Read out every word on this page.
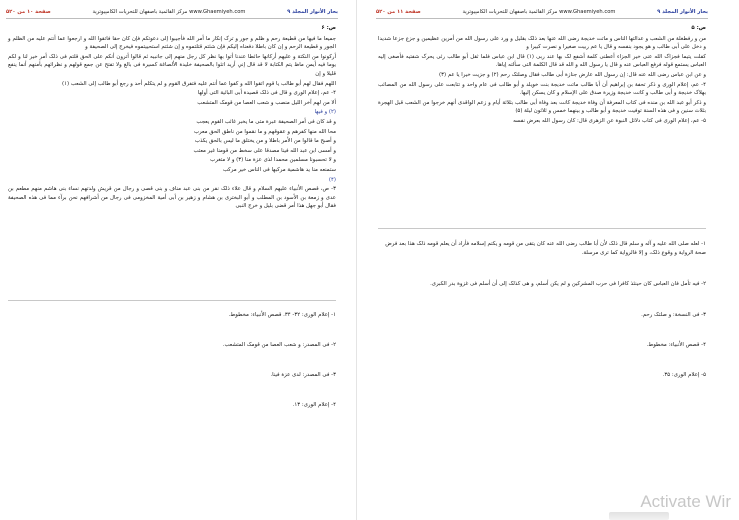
بحار الأنوار المجلد ۹
www.Ghaemiyeh.com مركز القائمية باصفهان للتحريات الكامپيوترية
صفحة ۱۰ من ۵۲۰

ص: ۶

جمیعا ما فیها من قطیعة رحم و ظلم و جور و ترک إنکار ما أمر الله فأجیبوا إلى دعوتکم فإن کان حقا فاتقوا الله و ارجعوا عما أنتم علیه من الظلم و الجور و قطیعة الرحم و إن کان باطلا دفعناه إلیکم فإن شئتم قتلتموه و إن شئتم استحییتموه فیخرج إلى الصحیفة و

أرکونوا من النکتة و علیهم أرکانها حائطا عندنا أتوا بها نظر کل رجل منهم إلى جانبیه ثم قالوا أترون أنکم على الحق قلتم فی ذلک أمر خیر لنا و لکم یوما فیه أیمن ماظ یتم الکتابة لا قد قال إني أرید اتئوا بالصحیفة خلیدة الألصاغة کسیرة فی بالغ ولا تفتح عن جمع قولهم و نظرائهم بأمنهم أنما ینفع قلیلا و إن

اللهم فقال لهم أبو طالب یا قوم اتقوا الله و کفوا عما أنتم علیه فتفرق القوم و لم یتکلم أحد و رجع أبو طالب إلى الشعب (۱)

۴- عم، إعلام الورى و قال فی ذلک قصیدة أبی البائیة التی أولها

ألا من لهم آخر اللیل منصب و شعب العصا من قومک المتشعب

(۲) و فیها

و قد کان فی أمر الصحیفة عبرة متى ما یخبر غائب القوم یعجب

محا الله منها کفرهم و عقوقهم و ما نقموا من ناطق الحق معرب

و أصبح ما قالوا من الأمر باطلا و من یختلق ما لیس بالحق یکذب

و أمسى ابن عبد الله فینا مصدقا على سخط من قومنا غیر معتب

و لا تحسبونا مسلمین محمدا لذی عزة منا (۳) و لا متغرب

ستمنعه منا ید هاشمیة مرکبها فی الناس خیر مرکب

(۴)

۳- ص، قصص الأنبیاء علیهم السلام و قال علاء ذلک نفر من بنی عبد مناف و بنی قصی و رجال من قریش ولدتهم نساء بنی هاشم منهم مطعم بن عدی و زمعة بن الأسود بن المطلب و أبو البختری بن هشام و زهیر بن أبی أمیة المخزومی فی رجال من أشرافهم نحن برآء مما فی هذه الصحیفة فقال أبو جهل هذا أمر قضی بلیل و خرج النبی

۱- إعلام الورى: ۳۲- ۳۴. قصص الأنبیاء: مخطوط.
۲- فی المصدر: و شعب العصا من قومک المتشعب.
۳- فی المصدر: لدى عزة فینا.
۴- إعلام الورى: ۱۳.
بحار الأنوار المجلد ۹
www.Ghaemiyeh.com مركز القائمية باصفهان للتحريات الكامپيوترية
صفحة ۱۱ من ۵۲۰

ص: ۵

من و رفطغلة من الشعب و عدالتها الناس و ماتت خدیجة رضی الله عنها بعد ذلک بقلیل و ورد على رسول الله من أمرین عظیمین و جزع جزعا شدیدا و دخل على أبی طالب و هو یجود بنفسه و قال یا عم ربیت صغیرا و نصرت کبیرا و

کفلت یتیما فجزاک الله عنی خیر الجزاء أعطنی کلمة أشفع لک بها عند ربی (۱) قال ابن عباس فلما ثقل أبو طالب رئی یحرک شفتیه فأصغى إلیه العباس یستمع قوله فرفع العباس عنه و قال یا رسول الله و الله قد قال الکلمة التی سألته إیاها.

و عن ابن عباس رضی الله عنه قال: إن رسول الله عارض جنازة أبی طالب فقال وصلتک رحم (۲) و جزیت خیرا یا عم (۳)

۴- عم، إعلام الورى و ذکر تحفة بن إبراهیم أن أبا طالب ماتت خدیجة بنت خویلد و أبو طالب فی عام واحد و تتابعت على رسول الله من المصائب بهلاک خدیجة و أبی طالب و کانت خدیجة وزیرة صدق على الإسلام و کان یسکن إلیها.

و ذکر أبو عبد الله بن منده فی کتاب المعرفة أن وفاة خدیجة کانت بعد وفاة أبی طالب بثلاثة أیام و زعم الواقدی أنهم خرجوا من الشعب قبل الهجرة بثلاث سنین و فی هذه السنة توفیت خدیجة و أبو طالب و بینهما خمس و ثلاثون لیلة (۵)

۵- عم، إعلام الورى فی کتاب دلائل النبوة عن الزهری قال: کان رسول الله بعرض نفسه

۱- لعله صلى الله علیه و آله و سلم قال ذلک لأن أبا طالب رضی الله عنه کان یتقی من قومه و یکتم إسلامه فأراد أن یعلم قومه ذلک هذا بعد فرض صحة الروایة و وقوع ذلک، و إلا فالروایة کما ترى مرسلة.
۲- فیه تأمل فان العباس کان حینئذ کافرا فی حرب المشرکین و لم یکن أسلم، و هی کذلک إلى أن أسلم فی غزوة بدر الکبرى.
۳- فی النسخة: و صلتک رحم.
۴- قصص الأنبیاء: مخطوط.
۵- إعلام الورى: ۳۵.
Activate Wir
